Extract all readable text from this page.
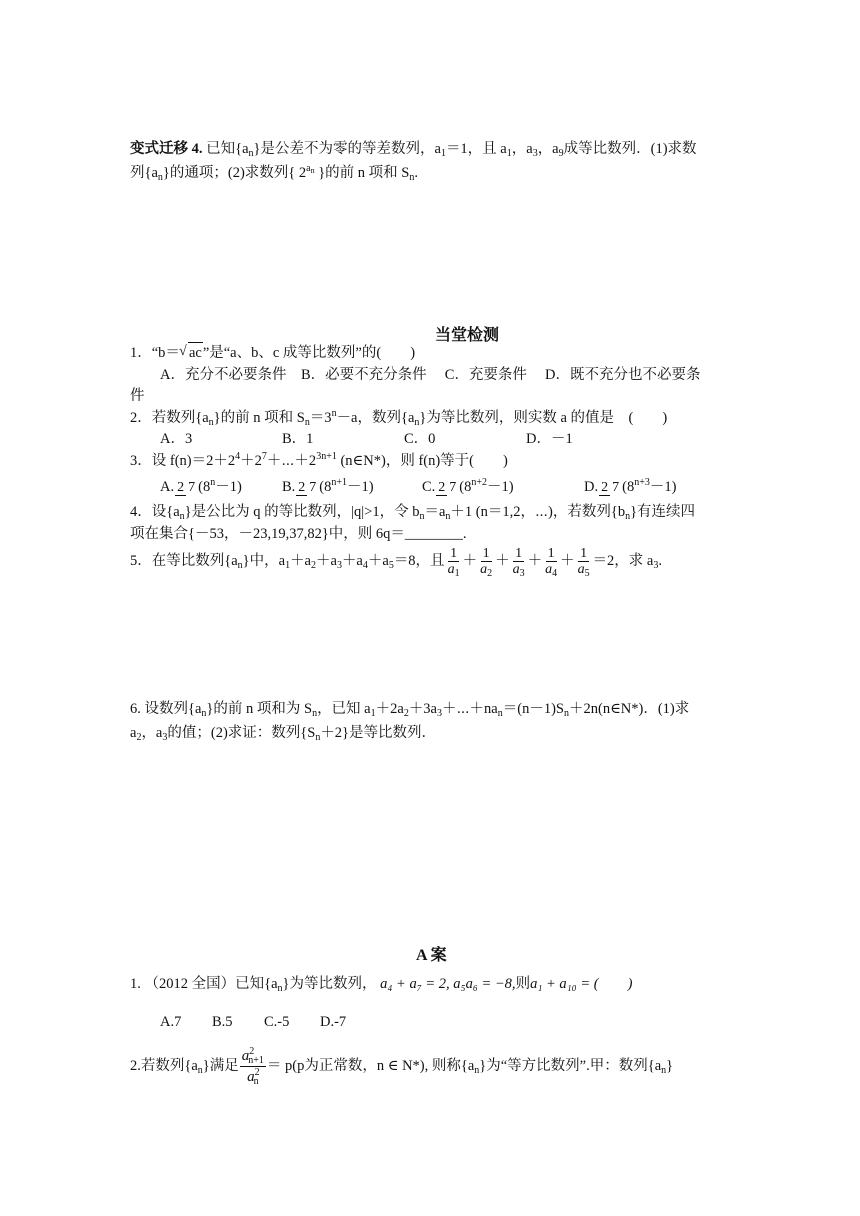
变式迁移 4. 已知$\{a_n\}$是公差不为零的等差数列，$a_1=1$，且 $a_1$，$a_3$，$a_9$成等比数列．(1)求数
列$\{a_n\}$的通项；(2)求数列{ $2^{a_n}$ }的前 n 项和 $S_n$.
当堂检测
1．“b＝√ ac”是“a、b、c 成等比数列”的(　　)
A．充分不必要条件　B．必要不充分条件　 C．充要条件　 D．既不充分也不必要条
件
2．若数列$\{a_n\}$的前 n 项和 $S_n=3^n-a$，数列$\{a_n\}$为等比数列，则实数 a 的值是　(　　)
A．3	B．1	C．0	D．－1
3．设 $f(n)=2+2^4+2^7+\cdots+2^{3n+1}$ (n∈N*)，则 f(n)等于(　　)
A. 2 7 $(8^n-1)$	B. 2 7 $(8^{n+1}-1)$	C. 2 7 $(8^{n+2}-1)$	D. 2 7 $(8^{n+3}-1)$
4．设$\{a_n\}$是公比为 q 的等比数列，|q|>1，令 $b_n=a_n+1$ (n＝1,2，⋯)，若数列$\{b_n\}$有连续四
项在集合{－53，－23,19,37,82}中，则 6q＝________.
5．在等比数列$\{a_n\}$中，$a_1+a_2+a_3+a_4+a_5=8$，且 $\frac{1}{a_1} + \frac{1}{a_2} + \frac{1}{a_3} + \frac{1}{a_4} + \frac{1}{a_5} =2$，求 $a_3$.
6. 设数列$\{a_n\}$的前 n 项和为 $S_n$，已知 $a_1+2a_2+3a_3+\cdots+na_n=(n-1)S_n+2n(n\in N*)$．(1)求
$a_2$，$a_3$的值；(2)求证：数列$\{S_n+2\}$是等比数列．
A 案
1. （2012 全国）已知$\{a_n\}$为等比数列， a₄ + a₇ = 2, a₅a₆ = −8,则a₁ + a₁₀ = (　　)
A.7	B.5	C.-5	D.-7
2.若数列$\{a_n\}$满足 $\frac{a^2_{n+1}}{a^2_n} = p(p$为正常数，n ∈ N*), 则称$\{a_n\}$为“等方比数列”.甲：数列$\{a_n\}$
